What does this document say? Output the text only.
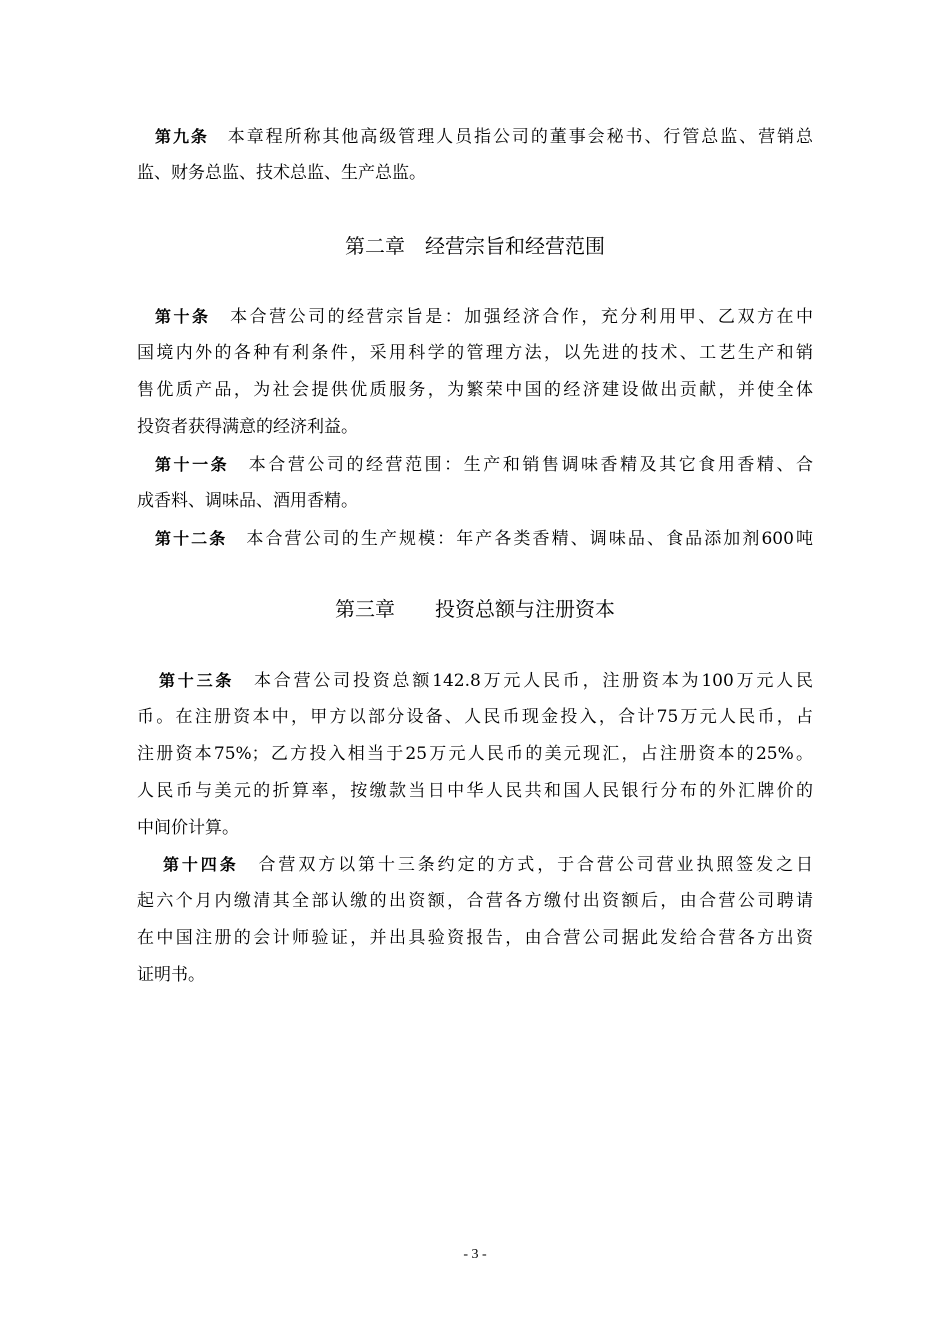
第九条　 本章程所称其他高级管理人员指公司的董事会秘书、行管总监、营销总
监、财务总监、技术总监、生产总监。
第二章　经营宗旨和经营范围
第十条　 本合营公司的经营宗旨是：加强经济合作，充分利用甲、乙双方在中
国境内外的各种有利条件，采用科学的管理方法，以先进的技术、工艺生产和销
售优质产品，为社会提供优质服务，为繁荣中国的经济建设做出贡献，并使全体
投资者获得满意的经济利益。
第十一条　 本合营公司的经营范围：生产和销售调味香精及其它食用香精、合
成香料、调味品、酒用香精。
第十二条　 本合营公司的生产规模：年产各类香精、调味品、食品添加剂600吨
第三章　　投资总额与注册资本
第十三条　 本合营公司投资总额142.8万元人民币，注册资本为100万元人民
币。在注册资本中，甲方以部分设备、人民币现金投入，合计75万元人民币，占
注册资本75%；乙方投入相当于25万元人民币的美元现汇，占注册资本的25%。
人民币与美元的折算率，按缴款当日中华人民共和国人民银行分布的外汇牌价的
中间价计算。
第十四条　 合营双方以第十三条约定的方式，于合营公司营业执照签发之日
起六个月内缴清其全部认缴的出资额，合营各方缴付出资额后，由合营公司聘请
在中国注册的会计师验证，并出具验资报告，由合营公司据此发给合营各方出资
证明书。
- 3 -
